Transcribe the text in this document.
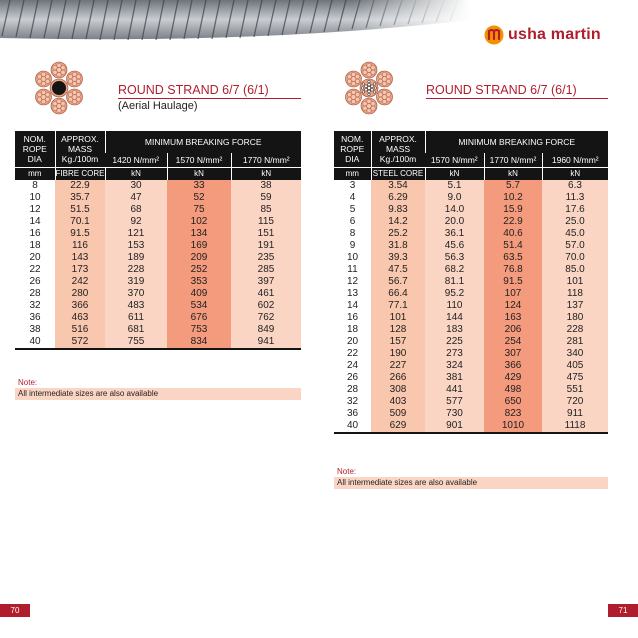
usha martin
ROUND STRAND 6/7 (6/1)
(Aerial Haulage)
NOM. ROPE DIA	APPROX. MASS Kg./100m	MINIMUM BREAKING FORCE		
		1420 N/mm²	1570 N/mm²	1770 N/mm²
mm	FIBRE CORE	kN	kN	kN
8	22.9	30	33	38
10	35.7	47	52	59
12	51.5	68	75	85
14	70.1	92	102	115
16	91.5	121	134	151
18	116	153	169	191
20	143	189	209	235
22	173	228	252	285
26	242	319	353	397
28	280	370	409	461
32	366	483	534	602
36	463	611	676	762
38	516	681	753	849
40	572	755	834	941
Note:
All intermediate sizes are also available
ROUND STRAND 6/7 (6/1)
NOM. ROPE DIA	APPROX. MASS Kg./100m	MINIMUM BREAKING FORCE		
		1570 N/mm²	1770 N/mm²	1960 N/mm²
mm	STEEL CORE	kN	kN	kN
3	3.54	5.1	5.7	6.3
4	6.29	9.0	10.2	11.3
5	9.83	14.0	15.9	17.6
6	14.2	20.0	22.9	25.0
8	25.2	36.1	40.6	45.0
9	31.8	45.6	51.4	57.0
10	39.3	56.3	63.5	70.0
11	47.5	68.2	76.8	85.0
12	56.7	81.1	91.5	101
13	66.4	95.2	107	118
14	77.1	110	124	137
16	101	144	163	180
18	128	183	206	228
20	157	225	254	281
22	190	273	307	340
24	227	324	366	405
26	266	381	429	475
28	308	441	498	551
32	403	577	650	720
36	509	730	823	911
40	629	901	1010	1118
Note:
All intermediate sizes are also available
70	71
